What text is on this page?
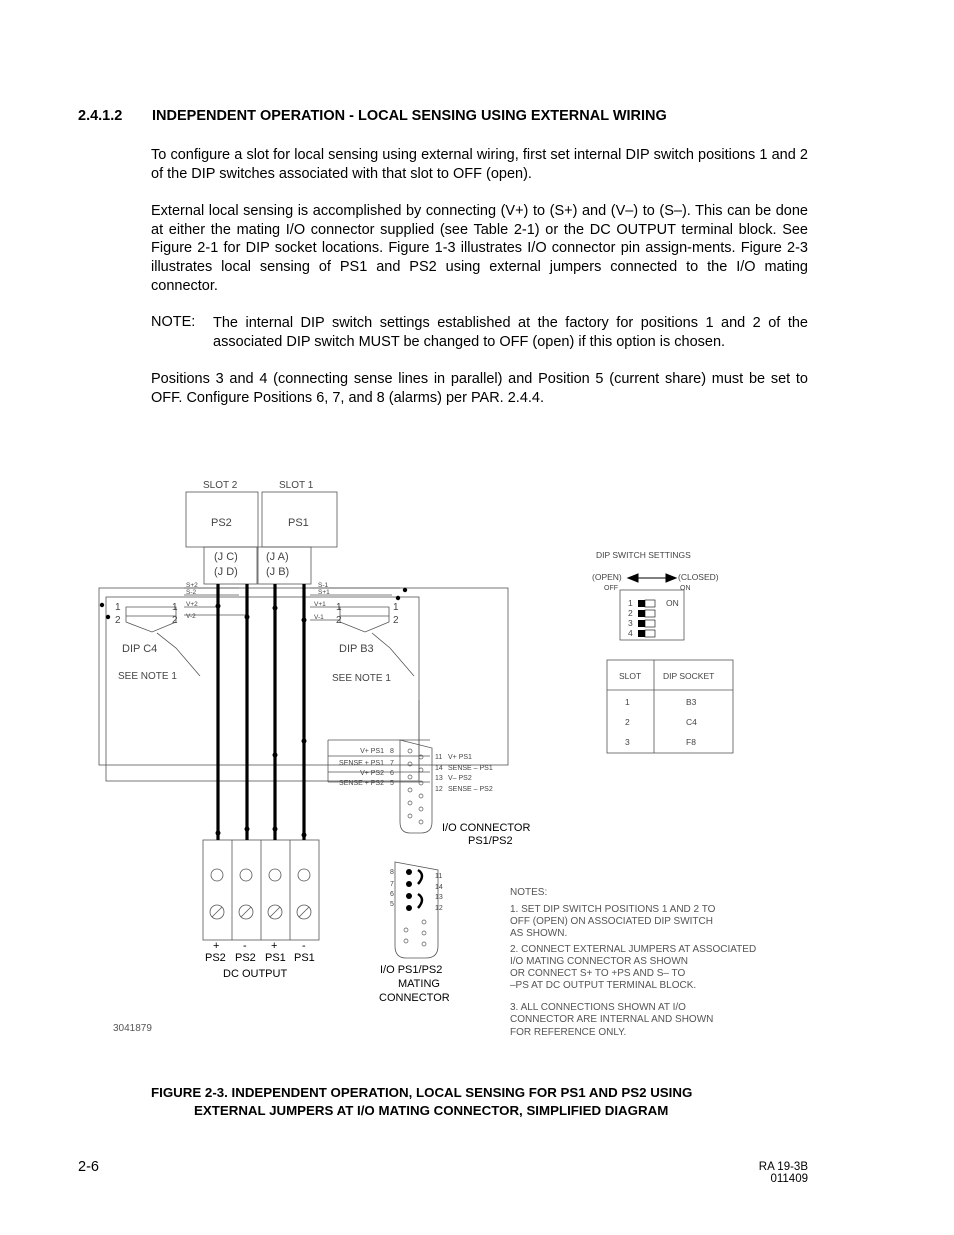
2.4.1.2 INDEPENDENT OPERATION - LOCAL SENSING USING EXTERNAL WIRING

To configure a slot for local sensing using external wiring, first set internal DIP switch positions 1 and 2 of the DIP switches associated with that slot to OFF (open).

External local sensing is accomplished by connecting (V+) to (S+) and (V–) to (S–). This can be done at either the mating I/O connector supplied (see Table 2-1) or the DC OUTPUT terminal block. See Figure 2-1 for DIP socket locations. Figure 1-3 illustrates I/O connector pin assign-ments. Figure 2-3 illustrates local sensing of PS1 and PS2 using external jumpers connected to the I/O mating connector.

NOTE: The internal DIP switch settings established at the factory for positions 1 and 2 of the associated DIP switch MUST be changed to OFF (open) if this option is chosen.

Positions 3 and 4 (connecting sense lines in parallel) and Position 5 (current share) must be set to OFF. Configure Positions 6, 7, and 8 (alarms) per PAR. 2.4.4.

SLOT 2	SLOT 1
PS2	PS1
(J C)
(J D)
(J A)
(J B)
S+2
S-2
V+2
V-2
S-1
S+1
V+1
V-1
1
2
1
2
1
2
1
2
DIP C4	DIP B3
SEE NOTE 1	SEE NOTE 1
DIP SWITCH SETTINGS
(OPEN)
OFF
(CLOSED)
ON
ON
1
2
3
4
SLOT	DIP SOCKET
1	B3
2	C4
3	F8
V+ PS1
SENSE + PS1
V+ PS2
SENSE + PS2
8
7
6
5
11
14
13
12
V+ PS1
SENSE – PS1
V– PS2
SENSE – PS2
8
7
6
5
11
14
13
12
I/O CONNECTOR
PS1/PS2
I/O PS1/PS2
MATING
CONNECTOR
+ - + -
PS2 PS2 PS1 PS1
DC OUTPUT
3041879
NOTES:
1. SET DIP SWITCH POSITIONS 1 AND 2 TO
OFF (OPEN) ON ASSOCIATED DIP SWITCH
AS SHOWN.
2. CONNECT EXTERNAL JUMPERS AT ASSOCIATED
I/O MATING CONNECTOR AS SHOWN
OR CONNECT S+ TO +PS AND S– TO
–PS AT DC OUTPUT TERMINAL BLOCK.
3. ALL CONNECTIONS SHOWN AT I/O
CONNECTOR ARE INTERNAL AND SHOWN
FOR REFERENCE ONLY.
FIGURE 2-3. INDEPENDENT OPERATION, LOCAL SENSING FOR PS1 AND PS2 USING
EXTERNAL JUMPERS AT I/O MATING CONNECTOR, SIMPLIFIED DIAGRAM
2-6	RA 19-3B 011409
